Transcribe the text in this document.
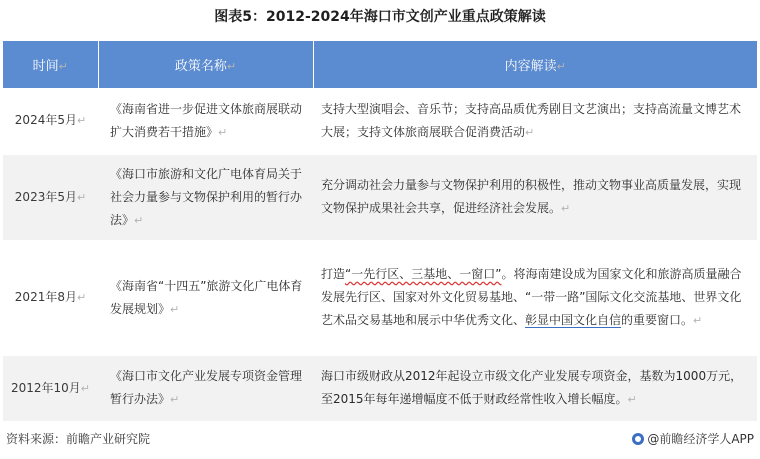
图表5：2012-2024年海口市文创产业重点政策解读
时间↵	政策名称↵	内容解读↵
2024年5月↵	《海南省进一步促进文体旅商展联动扩大消费若干措施》↵	支持大型演唱会、音乐节；支持高品质优秀剧目文艺演出；支持高流量文博艺术大展；支持文体旅商展联合促消费活动↵
2023年5月↵	《海口市旅游和文化广电体育局关于社会力量参与文物保护利用的暂行办法》↵	充分调动社会力量参与文物保护利用的积极性，推动文物事业高质量发展，实现文物保护成果社会共享，促进经济社会发展。↵
2021年8月↵	《海南省“十四五”旅游文化广电体育发展规划》↵	打造“一先行区、三基地、一窗口”。将海南建设成为国家文化和旅游高质量融合发展先行区、国家对外文化贸易基地、“一带一路”国际文化交流基地、世界文化艺术品交易基地和展示中华优秀文化、彰显中国文化自信的重要窗口。↵
2012年10月↵	《海口市文化产业发展专项资金管理暂行办法》↵	海口市级财政从2012年起设立市级文化产业发展专项资金，基数为1000万元，至2015年每年递增幅度不低于财政经常性收入增长幅度。↵
资料来源：前瞻产业研究院	@前瞻经济学人APP
